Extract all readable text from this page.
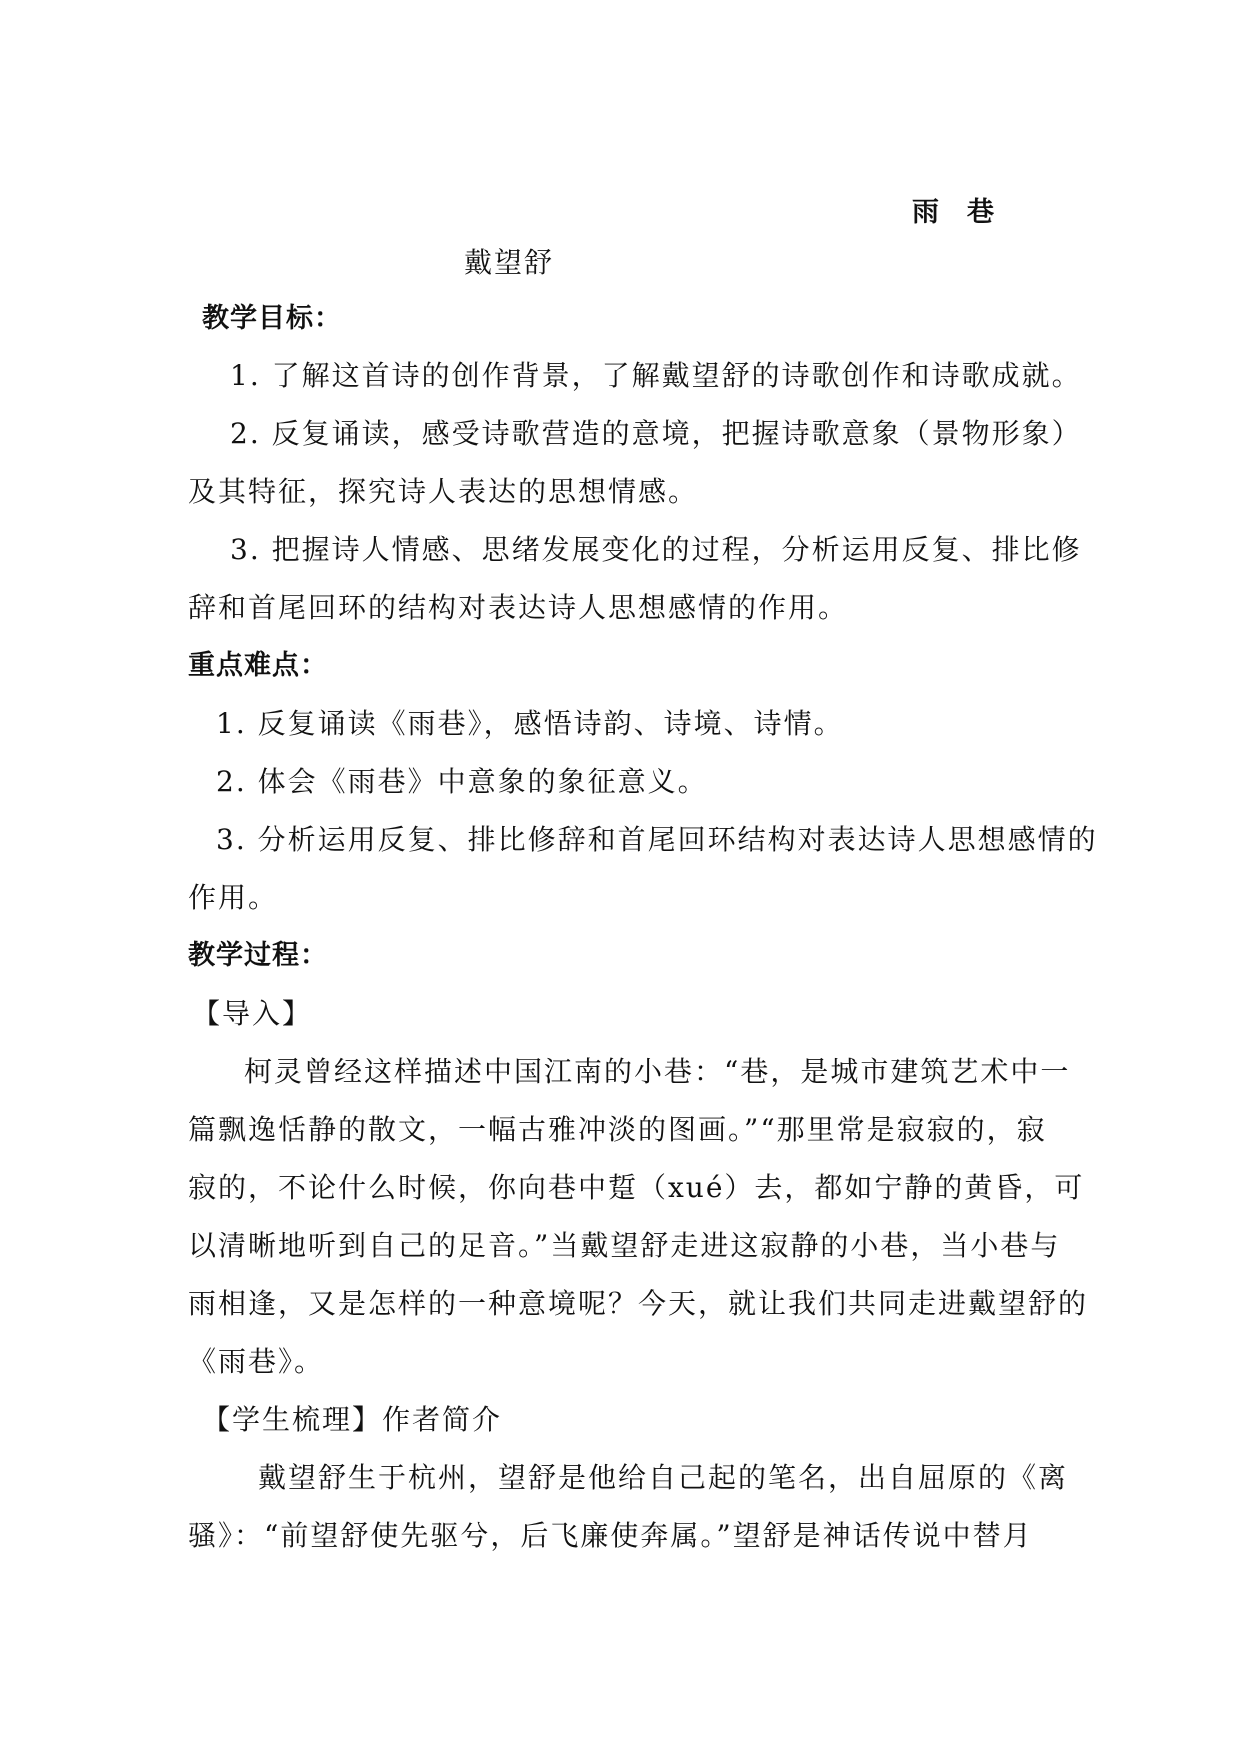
雨 巷
戴望舒
教学目标：
1. 了解这首诗的创作背景，了解戴望舒的诗歌创作和诗歌成就。
2. 反复诵读，感受诗歌营造的意境，把握诗歌意象（景物形象）
及其特征，探究诗人表达的思想情感。
3. 把握诗人情感、思绪发展变化的过程，分析运用反复、排比修
辞和首尾回环的结构对表达诗人思想感情的作用。
重点难点：
1. 反复诵读《雨巷》，感悟诗韵、诗境、诗情。
2. 体会《雨巷》中意象的象征意义。
3. 分析运用反复、排比修辞和首尾回环结构对表达诗人思想感情的
作用。
教学过程：
【导入】
柯灵曾经这样描述中国江南的小巷：“巷，是城市建筑艺术中一
篇飘逸恬静的散文，一幅古雅冲淡的图画。”“那里常是寂寂的，寂
寂的，不论什么时候，你向巷中踅（xué）去，都如宁静的黄昏，可
以清晰地听到自己的足音。”当戴望舒走进这寂静的小巷，当小巷与
雨相逢，又是怎样的一种意境呢？今天，就让我们共同走进戴望舒的
《雨巷》。
【学生梳理】作者简介
戴望舒生于杭州，望舒是他给自己起的笔名，出自屈原的《离
骚》：“前望舒使先驱兮，后飞廉使奔属。”望舒是神话传说中替月
